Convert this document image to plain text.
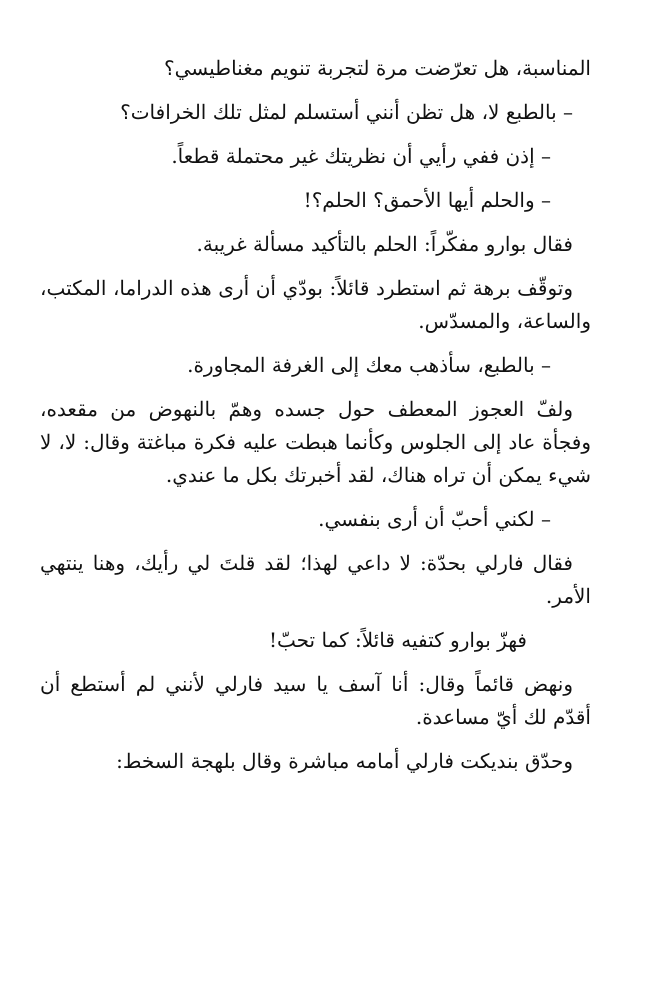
المناسبة، هل تعرّضت مرة لتجربة تنويم مغناطيسي؟

– بالطبع لا، هل تظن أنني أستسلم لمثل تلك الخرافات؟

– إذن ففي رأيي أن نظريتك غير محتملة قطعاً.

– والحلم أيها الأحمق؟ الحلم؟!

فقال بوارو مفكّراً: الحلم بالتأكيد مسألة غريبة.

وتوقّف برهة ثم استطرد قائلاً: بودّي أن أرى هذه الدراما، المكتب، والساعة، والمسدّس.

– بالطبع، سأذهب معك إلى الغرفة المجاورة.

ولفّ العجوز المعطف حول جسده وهمّ بالنهوض من مقعده، وفجأة عاد إلى الجلوس وكأنما هبطت عليه فكرة مباغتة وقال: لا، لا شيء يمكن أن تراه هناك، لقد أخبرتك بكل ما عندي.

– لكني أحبّ أن أرى بنفسي.

فقال فارلي بحدّة: لا داعي لهذا؛ لقد قلتَ لي رأيك، وهنا ينتهي الأمر.

فهزّ بوارو كتفيه قائلاً: كما تحبّ!

ونهض قائماً وقال: أنا آسف يا سيد فارلي لأنني لم أستطع أن أقدّم لك أيّ مساعدة.

وحدّق بنديكت فارلي أمامه مباشرة وقال بلهجة السخط:
